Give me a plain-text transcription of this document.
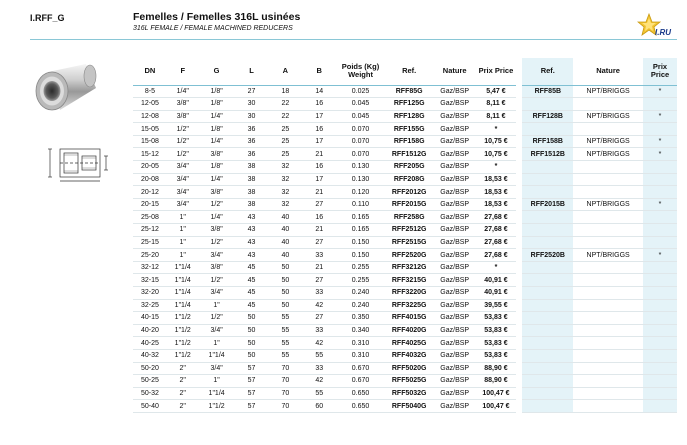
I.RFF_G	Femelles / Femelles 316L usinées
316L FEMALE / FEMALE MACHINED REDUCERS	I.RU
DN	F	G	L	A	B	Poids (Kg) Weight	Ref.	Nature	Prix Price		Ref.	Nature	Prix Price
8-5	1/4"	1/8"	27	18	14	0.025	RFF85G	Gaz/BSP	5,47 €		RFF85B	NPT/BRIGGS	*
12-05	3/8"	1/8"	30	22	16	0.045	RFF125G	Gaz/BSP	8,11 €				
12-08	3/8"	1/4"	30	22	17	0.045	RFF128G	Gaz/BSP	8,11 €		RFF128B	NPT/BRIGGS	*
15-05	1/2"	1/8"	36	25	16	0.070	RFF155G	Gaz/BSP	*				
15-08	1/2"	1/4"	36	25	17	0.070	RFF158G	Gaz/BSP	10,75 €		RFF158B	NPT/BRIGGS	*
15-12	1/2"	3/8"	36	25	21	0.070	RFF1512G	Gaz/BSP	10,75 €		RFF1512B	NPT/BRIGGS	*
20-05	3/4"	1/8"	38	32	16	0.130	RFF205G	Gaz/BSP	*				
20-08	3/4"	1/4"	38	32	17	0.130	RFF208G	Gaz/BSP	18,53 €				
20-12	3/4"	3/8"	38	32	21	0.120	RFF2012G	Gaz/BSP	18,53 €				
20-15	3/4"	1/2"	38	32	27	0.110	RFF2015G	Gaz/BSP	18,53 €		RFF2015B	NPT/BRIGGS	*
25-08	1"	1/4"	43	40	16	0.165	RFF258G	Gaz/BSP	27,68 €				
25-12	1"	3/8"	43	40	21	0.165	RFF2512G	Gaz/BSP	27,68 €				
25-15	1"	1/2"	43	40	27	0.150	RFF2515G	Gaz/BSP	27,68 €				
25-20	1"	3/4"	43	40	33	0.150	RFF2520G	Gaz/BSP	27,68 €		RFF2520B	NPT/BRIGGS	*
32-12	1"1/4	3/8"	45	50	21	0.255	RFF3212G	Gaz/BSP	*				
32-15	1"1/4	1/2"	45	50	27	0.255	RFF3215G	Gaz/BSP	40,91 €				
32-20	1"1/4	3/4"	45	50	33	0.240	RFF3220G	Gaz/BSP	40,91 €				
32-25	1"1/4	1"	45	50	42	0.240	RFF3225G	Gaz/BSP	39,55 €				
40-15	1"1/2	1/2"	50	55	27	0.350	RFF4015G	Gaz/BSP	53,83 €				
40-20	1"1/2	3/4"	50	55	33	0.340	RFF4020G	Gaz/BSP	53,83 €				
40-25	1"1/2	1"	50	55	42	0.310	RFF4025G	Gaz/BSP	53,83 €				
40-32	1"1/2	1"1/4	50	55	55	0.310	RFF4032G	Gaz/BSP	53,83 €				
50-20	2"	3/4"	57	70	33	0.670	RFF5020G	Gaz/BSP	88,90 €				
50-25	2"	1"	57	70	42	0.670	RFF5025G	Gaz/BSP	88,90 €				
50-32	2"	1"1/4	57	70	55	0.650	RFF5032G	Gaz/BSP	100,47 €				
50-40	2"	1"1/2	57	70	60	0.650	RFF5040G	Gaz/BSP	100,47 €				
